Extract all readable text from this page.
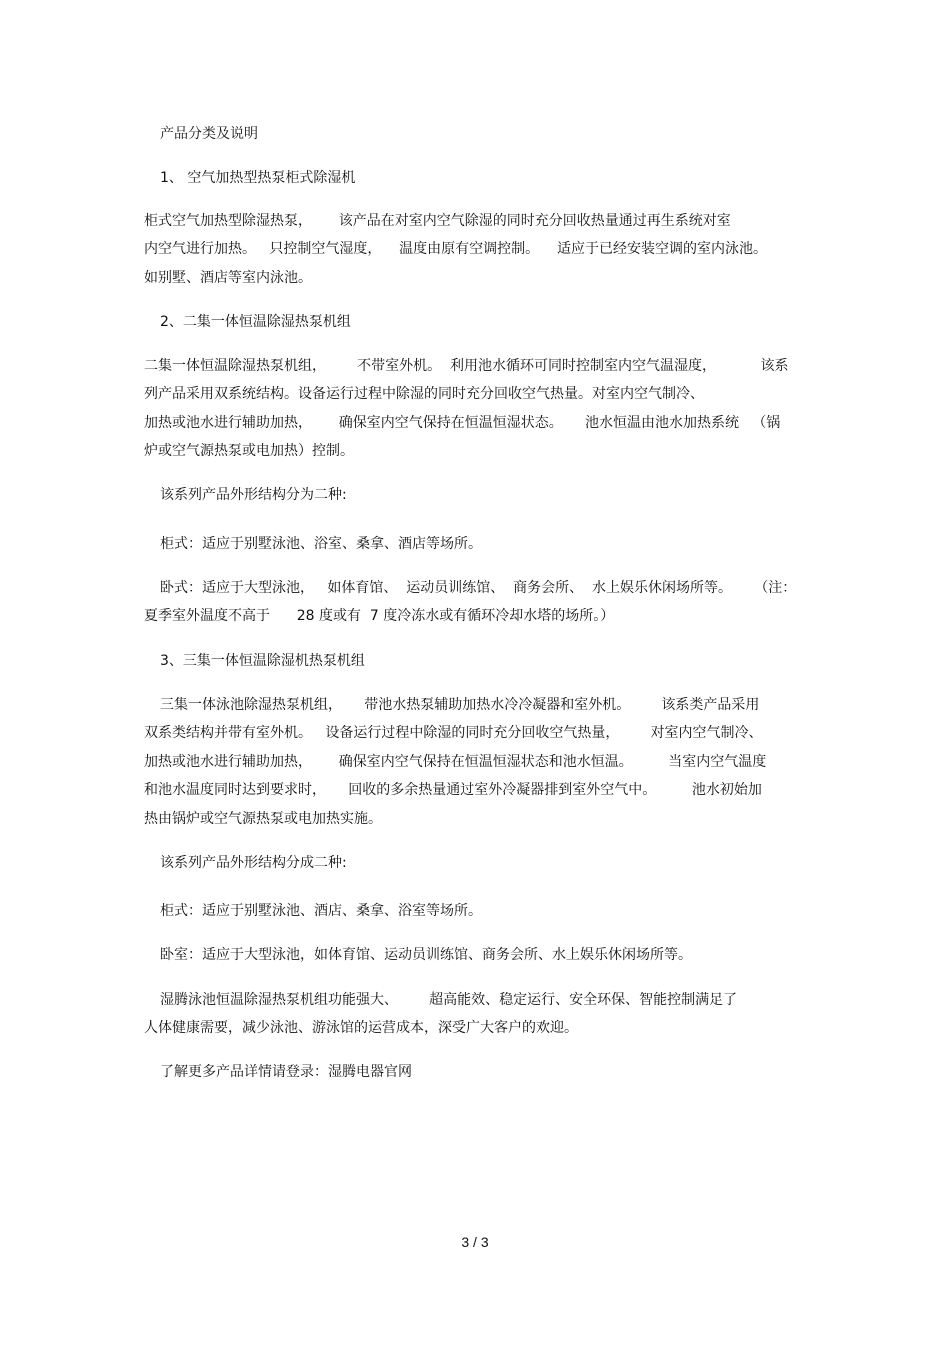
产品分类及说明
1、 空气加热型热泵柜式除湿机
柜式空气加热型除湿热泵，      该产品在对室内空气除湿的同时充分回收热量通过再生系统对室
内空气进行加热。   只控制空气湿度，    温度由原有空调控制。    适应于已经安装空调的室内泳池。
如别墅、酒店等室内泳池。
2、二集一体恒温除湿热泵机组
二集一体恒温除湿热泵机组，       不带室外机。  利用池水循环可同时控制室内空气温湿度，          该系
列产品采用双系统结构。设备运行过程中除湿的同时充分回收空气热量。对室内空气制冷、
加热或池水进行辅助加热，      确保室内空气保持在恒温恒湿状态。     池水恒温由池水加热系统   （锅
炉或空气源热泵或电加热）控制。
该系列产品外形结构分为二种:
柜式：适应于别墅泳池、浴室、桑拿、酒店等场所。
卧式：适应于大型泳池，   如体育馆、  运动员训练馆、  商务会所、  水上娱乐休闲场所等。     （注：
夏季室外温度不高于      28 度或有  7 度冷冻水或有循环冷却水塔的场所。）
3、三集一体恒温除湿机热泵机组
三集一体泳池除湿热泵机组，     带池水热泵辅助加热水冷冷凝器和室外机。       该系类产品采用
双系类结构并带有室外机。   设备运行过程中除湿的同时充分回收空气热量，       对室内空气制冷、
加热或池水进行辅助加热，      确保室内空气保持在恒温恒湿状态和池水恒温。        当室内空气温度
和池水温度同时达到要求时，     回收的多余热量通过室外冷凝器排到室外空气中。        池水初始加
热由锅炉或空气源热泵或电加热实施。
该系列产品外形结构分成二种:
柜式：适应于别墅泳池、酒店、桑拿、浴室等场所。
卧室：适应于大型泳池，如体育馆、运动员训练馆、商务会所、水上娱乐休闲场所等。
湿腾泳池恒温除湿热泵机组功能强大、       超高能效、稳定运行、安全环保、智能控制满足了
人体健康需要，减少泳池、游泳馆的运营成本，深受广大客户的欢迎。
了解更多产品详情请登录：湿腾电器官网
3 / 3
